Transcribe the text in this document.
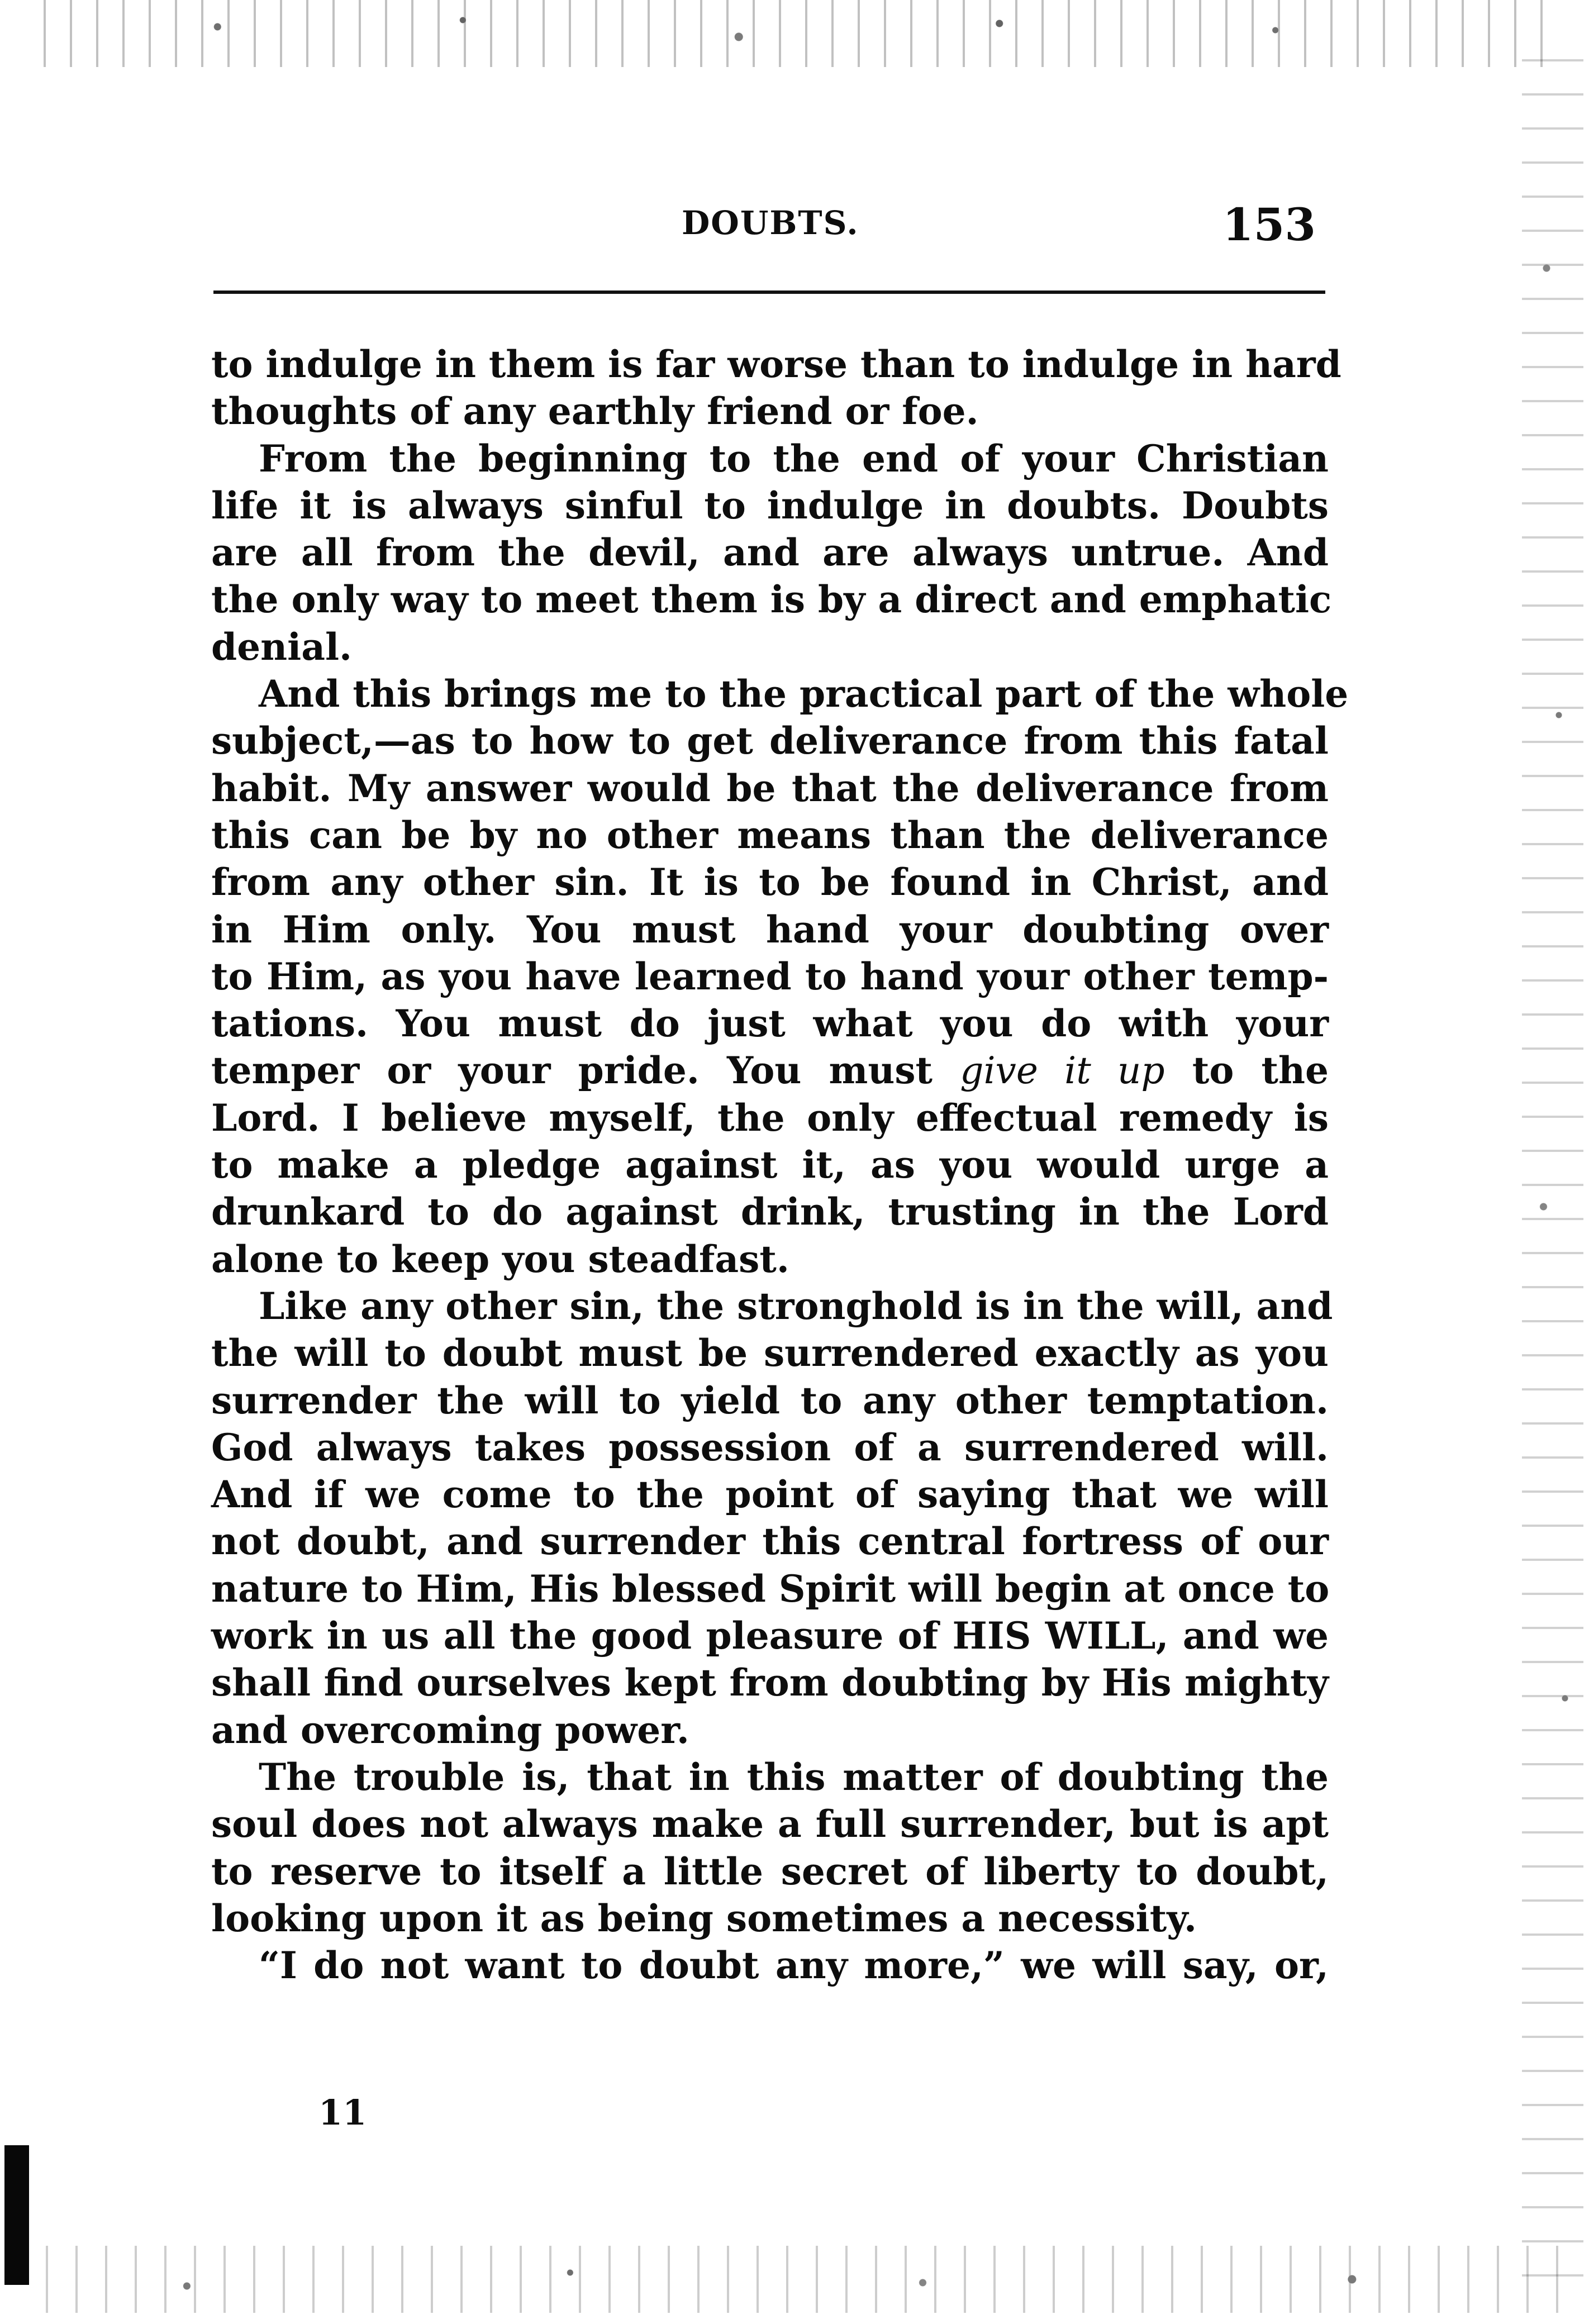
DOUBTS.	153
to indulge in them is far worse than to indulge in hard
thoughts of any earthly friend or foe.
From the beginning to the end of your Christian
life it is always sinful to indulge in doubts. Doubts
are all from the devil, and are always untrue. And
the only way to meet them is by a direct and emphatic
denial.
And this brings me to the practical part of the whole
subject,—as to how to get deliverance from this fatal
habit. My answer would be that the deliverance from
this can be by no other means than the deliverance
from any other sin. It is to be found in Christ, and
in Him only. You must hand your doubting over
to Him, as you have learned to hand your other temp-
tations. You must do just what you do with your
temper or your pride. You must give it up to the
Lord. I believe myself, the only effectual remedy is
to make a pledge against it, as you would urge a
drunkard to do against drink, trusting in the Lord
alone to keep you steadfast.
Like any other sin, the stronghold is in the will, and
the will to doubt must be surrendered exactly as you
surrender the will to yield to any other temptation.
God always takes possession of a surrendered will.
And if we come to the point of saying that we will
not doubt, and surrender this central fortress of our
nature to Him, His blessed Spirit will begin at once to
work in us all the good pleasure of HIS WILL, and we
shall find ourselves kept from doubting by His mighty
and overcoming power.
The trouble is, that in this matter of doubting the
soul does not always make a full surrender, but is apt
to reserve to itself a little secret of liberty to doubt,
looking upon it as being sometimes a necessity.
“I do not want to doubt any more,” we will say, or,
11
